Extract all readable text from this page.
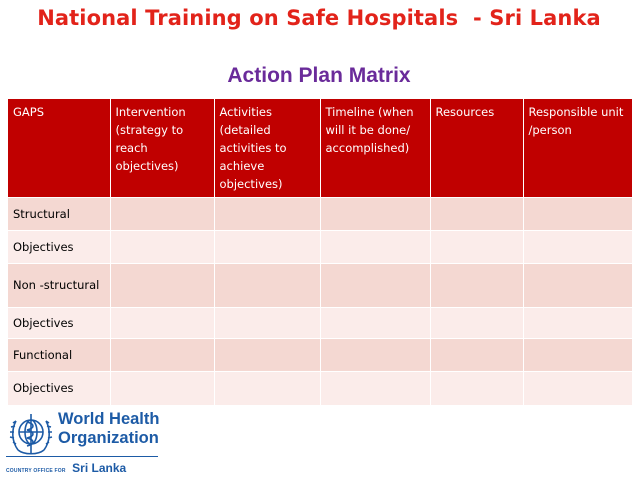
National Training on Safe Hospitals  - Sri Lanka
Action Plan Matrix
GAPS	Intervention (strategy to reach objectives)	Activities (detailed activities to achieve objectives)	Timeline (when will it be done/ accomplished)	Resources	Responsible unit /person
Structural					
Objectives					
Non -structural					
Objectives					
Functional					
Objectives					
World Health
Organization
COUNTRY OFFICE FOR Sri Lanka
